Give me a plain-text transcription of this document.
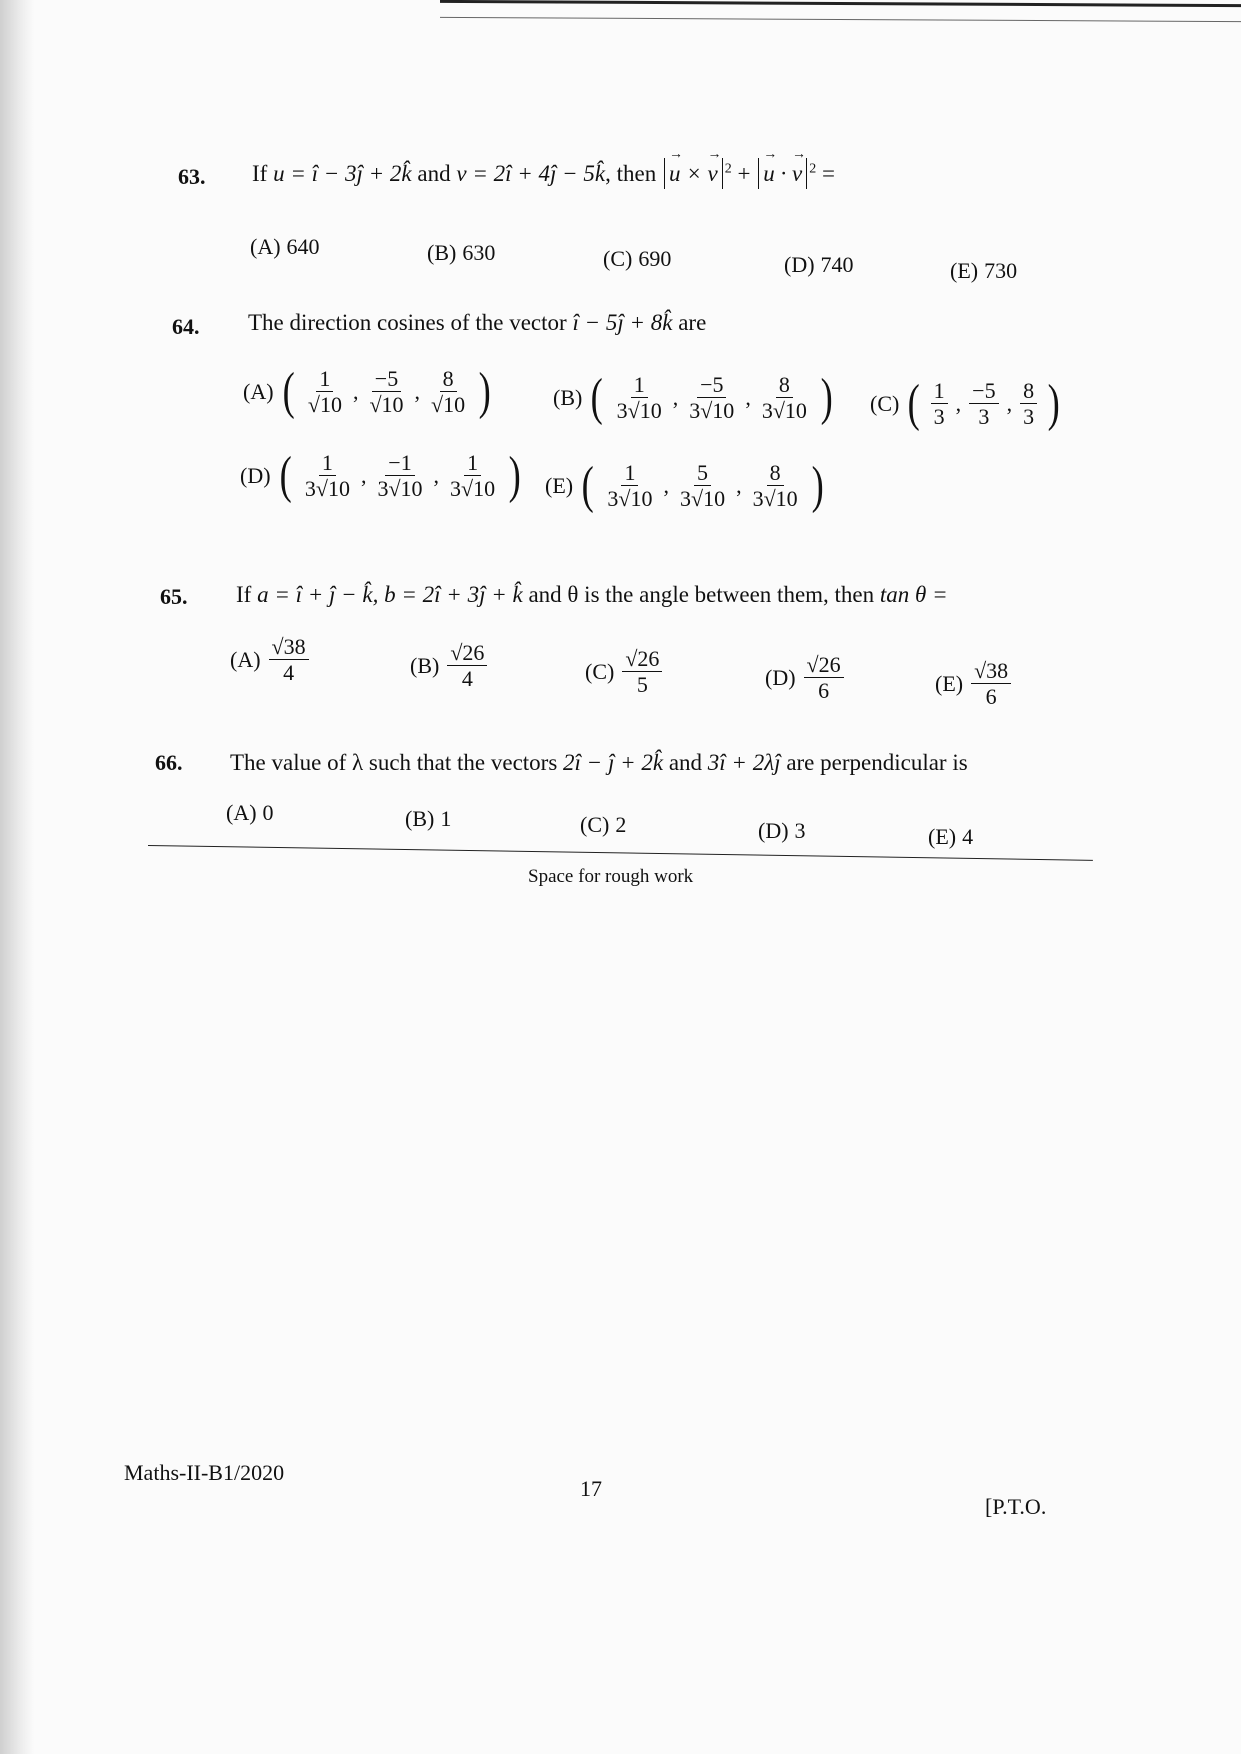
63. If u = î − 3ĵ + 2k̂ and v = 2î + 4ĵ − 5k̂, then → u × → v $^2$ + → u · → v $^2$ =
(A) 640	(B) 630	(C) 690	(D) 740	(E) 730
64. The direction cosines of the vector î − 5ĵ + 8k̂ are
(A) ( $\frac{1}{√10}$ , $\frac{-5}{√10}$ , $\frac{8}{√10}$ )	(B) ( $\frac{1}{3√10}$ , $\frac{-5}{3√10}$ , $\frac{8}{3√10}$ ) (C) ( $\frac{1}{3}$ , $\frac{-5}{3}$ , $\frac{8}{3}$ )
(D) ( $\frac{1}{3√10}$ , $\frac{-1}{3√10}$ , $\frac{1}{3√10}$ ) (E) ( $\frac{1}{3√10}$ , $\frac{5}{3√10}$ , $\frac{8}{3√10}$ )
65. If a = î + ĵ − k̂, b = 2î + 3ĵ + k̂ and θ is the angle between them, then tan θ =
$(A) \frac{√38}{4}$	$(B) \frac{√26}{4}$	$(C) \frac{√26}{5}$	$(D) \frac{√26}{6}$	$(E) \frac{√38}{6}$
66. The value of λ such that the vectors 2î − ĵ + 2k̂ and 3î + 2λĵ are perpendicular is
(A) 0	(B) 1	(C) 2	(D) 3	(E) 4
Space for rough work
Maths-II-B1/2020
17
[P.T.O.
